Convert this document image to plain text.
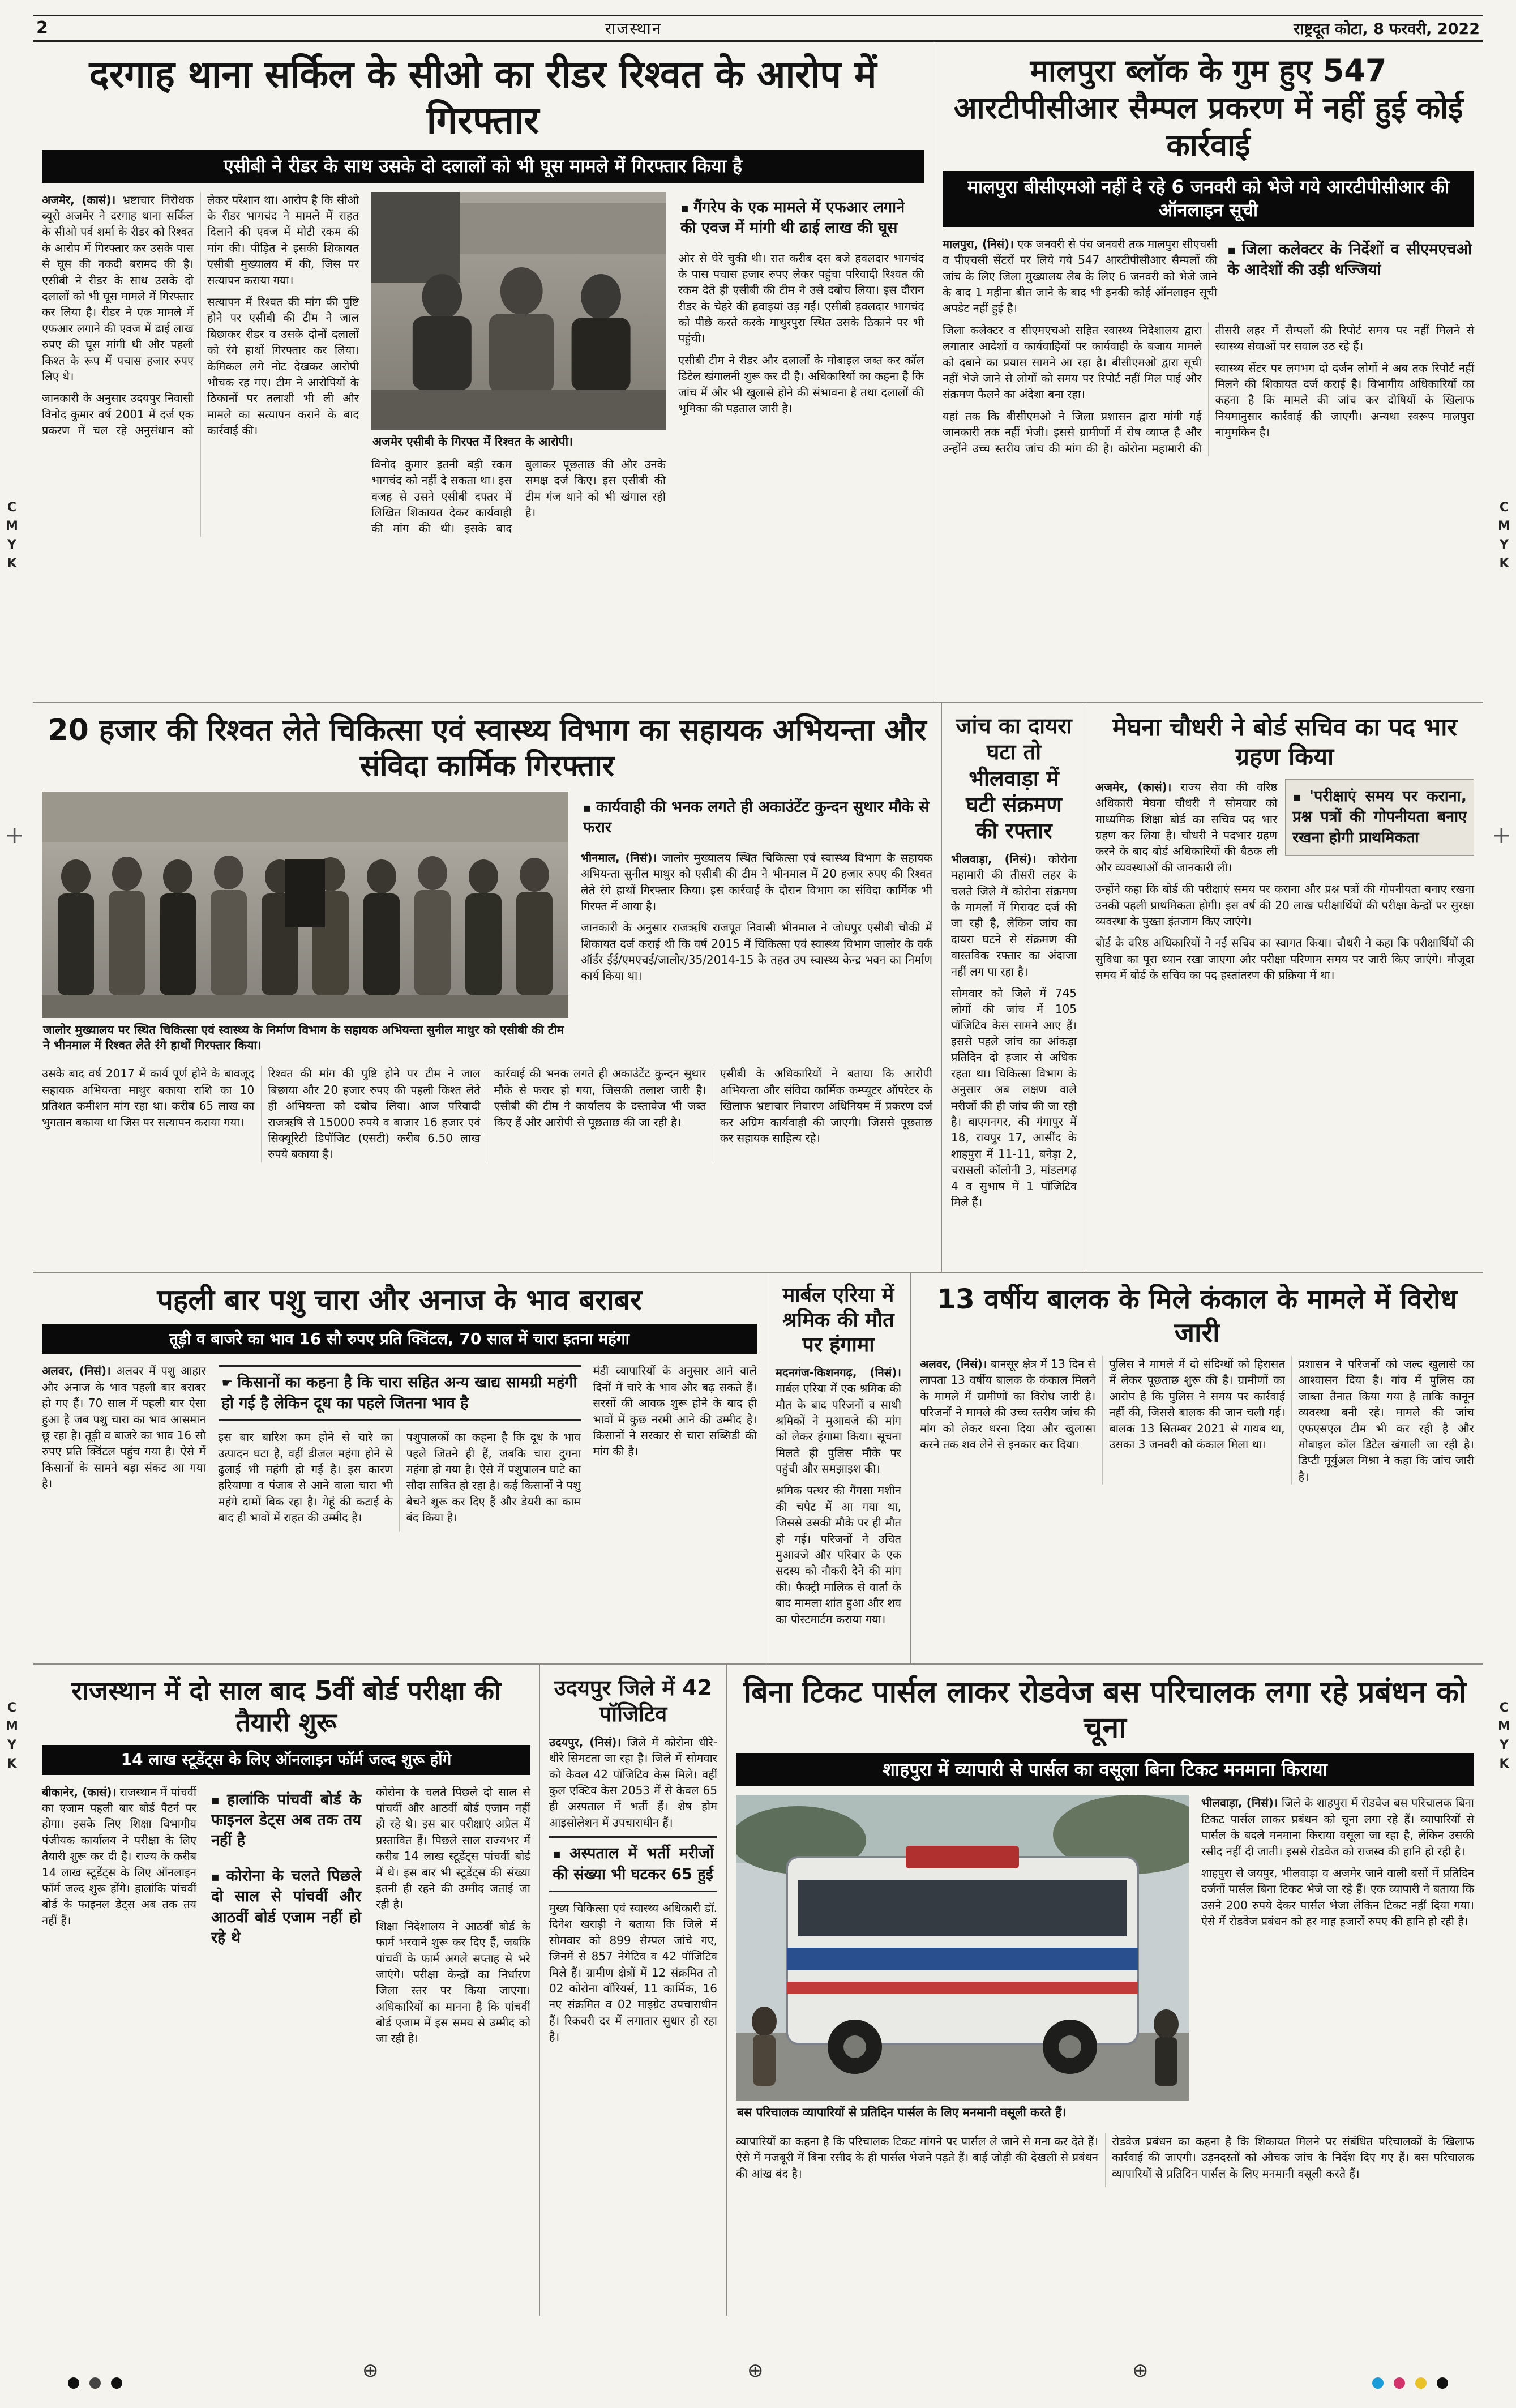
2	राजस्थान	राष्ट्रदूत कोटा, 8 फरवरी, 2022
दरगाह थाना सर्किल के सीओ का रीडर रिश्वत के आरोप में गिरफ्तार
एसीबी ने रीडर के साथ उसके दो दलालों को भी घूस मामले में गिरफ्तार किया है

अजमेर, (कासं)। भ्रष्टाचार निरोधक ब्यूरो अजमेर ने दरगाह थाना सर्किल के सीओ पर्व शर्मा के रीडर को रिश्वत के आरोप में गिरफ्तार कर उसके पास से घूस की नकदी बरामद की है। एसीबी ने रीडर के साथ उसके दो दलालों को भी घूस मामले में गिरफ्तार कर लिया है। रीडर ने एक मामले में एफआर लगाने की एवज में ढाई लाख रुपए की घूस मांगी थी और पहली किश्त के रूप में पचास हजार रुपए लिए थे।

जानकारी के अनुसार उदयपुर निवासी विनोद कुमार वर्ष 2001 में दर्ज एक प्रकरण में चल रहे अनुसंधान को लेकर परेशान था। आरोप है कि सीओ के रीडर भागचंद ने मामले में राहत दिलाने की एवज में मोटी रकम की मांग की। पीड़ित ने इसकी शिकायत एसीबी मुख्यालय में की, जिस पर सत्यापन कराया गया।

सत्यापन में रिश्वत की मांग की पुष्टि होने पर एसीबी की टीम ने जाल बिछाकर रीडर व उसके दोनों दलालों को रंगे हाथों गिरफ्तार कर लिया। केमिकल लगे नोट देखकर आरोपी भौचक रह गए। टीम ने आरोपियों के ठिकानों पर तलाशी भी ली और मामले का सत्यापन कराने के बाद कार्रवाई की।

अजमेर एसीबी के गिरफ्त में रिश्वत के आरोपी।

विनोद कुमार इतनी बड़ी रकम भागचंद को नहीं दे सकता था। इस वजह से उसने एसीबी दफ्तर में लिखित शिकायत देकर कार्यवाही की मांग की थी। इसके बाद बुलाकर पूछताछ की और उनके समक्ष दर्ज किए। इस एसीबी की टीम गंज थाने को भी खंगाल रही है।

▪ गैंगरेप के एक मामले में एफआर लगाने की एवज में मांगी थी ढाई लाख की घूस

ओर से घेरे चुकी थी। रात करीब दस बजे हवलदार भागचंद के पास पचास हजार रुपए लेकर पहुंचा परिवादी रिश्वत की रकम देते ही एसीबी की टीम ने उसे दबोच लिया। इस दौरान रीडर के चेहरे की हवाइयां उड़ गईं। एसीबी हवलदार भागचंद को पीछे करते करके माथुरपुरा स्थित उसके ठिकाने पर भी पहुंची।

एसीबी टीम ने रीडर और दलालों के मोबाइल जब्त कर कॉल डिटेल खंगालनी शुरू कर दी है। अधिकारियों का कहना है कि जांच में और भी खुलासे होने की संभावना है तथा दलालों की भूमिका की पड़ताल जारी है।

मालपुरा ब्लॉक के गुम हुए 547 आरटीपीसीआर सैम्पल प्रकरण में नहीं हुई कोई कार्रवाई
मालपुरा बीसीएमओ नहीं दे रहे 6 जनवरी को भेजे गये आरटीपीसीआर की ऑनलाइन सूची
▪ जिला कलेक्टर के निर्देशों व सीएमएचओ के आदेशों की उड़ी धज्जियां

मालपुरा, (निसं)। एक जनवरी से पंच जनवरी तक मालपुरा सीएचसी व पीएचसी सेंटरों पर लिये गये 547 आरटीपीसीआर सैम्पलों की जांच के लिए जिला मुख्यालय लैब के लिए 6 जनवरी को भेजे जाने के बाद 1 महीना बीत जाने के बाद भी इनकी कोई ऑनलाइन सूची अपडेट नहीं हुई है।

जिला कलेक्टर व सीएमएचओ सहित स्वास्थ्य निदेशालय द्वारा लगातार आदेशों व कार्यवाहियों पर कार्यवाही के बजाय मामले को दबाने का प्रयास सामने आ रहा है। बीसीएमओ द्वारा सूची नहीं भेजे जाने से लोगों को समय पर रिपोर्ट नहीं मिल पाई और संक्रमण फैलने का अंदेशा बना रहा।

यहां तक कि बीसीएमओ ने जिला प्रशासन द्वारा मांगी गई जानकारी तक नहीं भेजी। इससे ग्रामीणों में रोष व्याप्त है और उन्होंने उच्च स्तरीय जांच की मांग की है। कोरोना महामारी की तीसरी लहर में सैम्पलों की रिपोर्ट समय पर नहीं मिलने से स्वास्थ्य सेवाओं पर सवाल उठ रहे हैं।

स्वास्थ्य सेंटर पर लगभग दो दर्जन लोगों ने अब तक रिपोर्ट नहीं मिलने की शिकायत दर्ज कराई है। विभागीय अधिकारियों का कहना है कि मामले की जांच कर दोषियों के खिलाफ नियमानुसार कार्रवाई की जाएगी। अन्यथा स्वरूप मालपुरा नामुमकिन है।

20 हजार की रिश्वत लेते चिकित्सा एवं स्वास्थ्य विभाग का सहायक अभियन्ता और संविदा कार्मिक गिरफ्तार
जालोर मुख्यालय पर स्थित चिकित्सा एवं स्वास्थ्य के निर्माण विभाग के सहायक अभियन्ता सुनील माथुर को एसीबी की टीम ने भीनमाल में रिश्वत लेते रंगे हाथों गिरफ्तार किया।
▪ कार्यवाही की भनक लगते ही अकाउंटेंट कुन्दन सुथार मौके से फरार

भीनमाल, (निसं)। जालोर मुख्यालय स्थित चिकित्सा एवं स्वास्थ्य विभाग के सहायक अभियन्ता सुनील माथुर को एसीबी की टीम ने भीनमाल में 20 हजार रुपए की रिश्वत लेते रंगे हाथों गिरफ्तार किया। इस कार्रवाई के दौरान विभाग का संविदा कार्मिक भी गिरफ्त में आया है।

जानकारी के अनुसार राजऋषि राजपूत निवासी भीनमाल ने जोधपुर एसीबी चौकी में शिकायत दर्ज कराई थी कि वर्ष 2015 में चिकित्सा एवं स्वास्थ्य विभाग जालोर के वर्क ऑर्डर ईई/एमएचई/जालोर/35/2014-15 के तहत उप स्वास्थ्य केन्द्र भवन का निर्माण कार्य किया था।

उसके बाद वर्ष 2017 में कार्य पूर्ण होने के बावजूद सहायक अभियन्ता माथुर बकाया राशि का 10 प्रतिशत कमीशन मांग रहा था। करीब 65 लाख का भुगतान बकाया था जिस पर सत्यापन कराया गया।

रिश्वत की मांग की पुष्टि होने पर टीम ने जाल बिछाया और 20 हजार रुपए की पहली किश्त लेते ही अभियन्ता को दबोच लिया। आज परिवादी राजऋषि से 15000 रुपये व बाजार 16 हजार एवं सिक्यूरिटी डिपॉजिट (एसटी) करीब 6.50 लाख रुपये बकाया है।

कार्रवाई की भनक लगते ही अकाउंटेंट कुन्दन सुथार मौके से फरार हो गया, जिसकी तलाश जारी है। एसीबी की टीम ने कार्यालय के दस्तावेज भी जब्त किए हैं और आरोपी से पूछताछ की जा रही है।

एसीबी के अधिकारियों ने बताया कि आरोपी अभियन्ता और संविदा कार्मिक कम्प्यूटर ऑपरेटर के खिलाफ भ्रष्टाचार निवारण अधिनियम में प्रकरण दर्ज कर अग्रिम कार्यवाही की जाएगी। जिससे पूछताछ कर सहायक साहित्य रहे।

जांच का दायरा घटा तो भीलवाड़ा में घटी संक्रमण की रफ्तार

भीलवाड़ा, (निसं)। कोरोना महामारी की तीसरी लहर के चलते जिले में कोरोना संक्रमण के मामलों में गिरावट दर्ज की जा रही है, लेकिन जांच का दायरा घटने से संक्रमण की वास्तविक रफ्तार का अंदाजा नहीं लग पा रहा है।

सोमवार को जिले में 745 लोगों की जांच में 105 पॉजिटिव केस सामने आए हैं। इससे पहले जांच का आंकड़ा प्रतिदिन दो हजार से अधिक रहता था। चिकित्सा विभाग के अनुसार अब लक्षण वाले मरीजों की ही जांच की जा रही है। बाएगनगर, की गंगापुर में 18, रायपुर 17, आसींद के शाहपुरा में 11-11, बनेड़ा 2, चरासली कॉलोनी 3, मांडलगढ़ 4 व सुभाष में 1 पॉजिटिव मिले हैं।

मेघना चौधरी ने बोर्ड सचिव का पद भार ग्रहण किया
▪ 'परीक्षाएं समय पर कराना, प्रश्न पत्रों की गोपनीयता बनाए रखना होगी प्राथमिकता

अजमेर, (कासं)। राज्य सेवा की वरिष्ठ अधिकारी मेघना चौधरी ने सोमवार को माध्यमिक शिक्षा बोर्ड का सचिव पद भार ग्रहण कर लिया है। चौधरी ने पदभार ग्रहण करने के बाद बोर्ड अधिकारियों की बैठक ली और व्यवस्थाओं की जानकारी ली।

उन्होंने कहा कि बोर्ड की परीक्षाएं समय पर कराना और प्रश्न पत्रों की गोपनीयता बनाए रखना उनकी पहली प्राथमिकता होगी। इस वर्ष की 20 लाख परीक्षार्थियों की परीक्षा केन्द्रों पर सुरक्षा व्यवस्था के पुख्ता इंतजाम किए जाएंगे।

बोर्ड के वरिष्ठ अधिकारियों ने नई सचिव का स्वागत किया। चौधरी ने कहा कि परीक्षार्थियों की सुविधा का पूरा ध्यान रखा जाएगा और परीक्षा परिणाम समय पर जारी किए जाएंगे। मौजूदा समय में बोर्ड के सचिव का पद हस्तांतरण की प्रक्रिया में था।

पहली बार पशु चारा और अनाज के भाव बराबर
तूड़ी व बाजरे का भाव 16 सौ रुपए प्रति क्विंटल, 70 साल में चारा इतना महंगा

अलवर, (निसं)। अलवर में पशु आहार और अनाज के भाव पहली बार बराबर हो गए हैं। 70 साल में पहली बार ऐसा हुआ है जब पशु चारा का भाव आसमान छू रहा है। तूड़ी व बाजरे का भाव 16 सौ रुपए प्रति क्विंटल पहुंच गया है। ऐसे में किसानों के सामने बड़ा संकट आ गया है।

☛ किसानों का कहना है कि चारा सहित अन्य खाद्य सामग्री महंगी हो गई है लेकिन दूध का पहले जितना भाव है

इस बार बारिश कम होने से चारे का उत्पादन घटा है, वहीं डीजल महंगा होने से ढुलाई भी महंगी हो गई है। इस कारण हरियाणा व पंजाब से आने वाला चारा भी महंगे दामों बिक रहा है। गेहूं की कटाई के बाद ही भावों में राहत की उम्मीद है।

पशुपालकों का कहना है कि दूध के भाव पहले जितने ही हैं, जबकि चारा दुगना महंगा हो गया है। ऐसे में पशुपालन घाटे का सौदा साबित हो रहा है। कई किसानों ने पशु बेचने शुरू कर दिए हैं और डेयरी का काम बंद किया है।

मंडी व्यापारियों के अनुसार आने वाले दिनों में चारे के भाव और बढ़ सकते हैं। सरसों की आवक शुरू होने के बाद ही भावों में कुछ नरमी आने की उम्मीद है। किसानों ने सरकार से चारा सब्सिडी की मांग की है।

मार्बल एरिया में श्रमिक की मौत पर हंगामा

मदनगंज-किशनगढ़, (निसं)। मार्बल एरिया में एक श्रमिक की मौत के बाद परिजनों व साथी श्रमिकों ने मुआवजे की मांग को लेकर हंगामा किया। सूचना मिलते ही पुलिस मौके पर पहुंची और समझाइश की।

श्रमिक पत्थर की गैंगसा मशीन की चपेट में आ गया था, जिससे उसकी मौके पर ही मौत हो गई। परिजनों ने उचित मुआवजे और परिवार के एक सदस्य को नौकरी देने की मांग की। फैक्ट्री मालिक से वार्ता के बाद मामला शांत हुआ और शव का पोस्टमार्टम कराया गया।

13 वर्षीय बालक के मिले कंकाल के मामले में विरोध जारी

अलवर, (निसं)। बानसूर क्षेत्र में 13 दिन से लापता 13 वर्षीय बालक के कंकाल मिलने के मामले में ग्रामीणों का विरोध जारी है। परिजनों ने मामले की उच्च स्तरीय जांच की मांग को लेकर धरना दिया और खुलासा करने तक शव लेने से इनकार कर दिया।

पुलिस ने मामले में दो संदिग्धों को हिरासत में लेकर पूछताछ शुरू की है। ग्रामीणों का आरोप है कि पुलिस ने समय पर कार्रवाई नहीं की, जिससे बालक की जान चली गई। बालक 13 सितम्बर 2021 से गायब था, उसका 3 जनवरी को कंकाल मिला था।

प्रशासन ने परिजनों को जल्द खुलासे का आश्वासन दिया है। गांव में पुलिस का जाब्ता तैनात किया गया है ताकि कानून व्यवस्था बनी रहे। मामले की जांच एफएसएल टीम भी कर रही है और मोबाइल कॉल डिटेल खंगाली जा रही है। डिप्टी मूर्युअल मिश्रा ने कहा कि जांच जारी है।

राजस्थान में दो साल बाद 5वीं बोर्ड परीक्षा की तैयारी शुरू
14 लाख स्टूडेंट्स के लिए ऑनलाइन फॉर्म जल्द शुरू होंगे

बीकानेर, (कासं)। राजस्थान में पांचवीं का एजाम पहली बार बोर्ड पैटर्न पर होगा। इसके लिए शिक्षा विभागीय पंजीयक कार्यालय ने परीक्षा के लिए तैयारी शुरू कर दी है। राज्य के करीब 14 लाख स्टूडेंट्स के लिए ऑनलाइन फॉर्म जल्द शुरू होंगे। हालांकि पांचवीं बोर्ड के फाइनल डेट्स अब तक तय नहीं हैं।

▪ हालांकि पांचवीं बोर्ड के फाइनल डेट्स अब तक तय नहीं है
▪ कोरोना के चलते पिछले दो साल से पांचवीं और आठवीं बोर्ड एजाम नहीं हो रहे थे

कोरोना के चलते पिछले दो साल से पांचवीं और आठवीं बोर्ड एजाम नहीं हो रहे थे। इस बार परीक्षाएं अप्रेल में प्रस्तावित हैं। पिछले साल राज्यभर में करीब 14 लाख स्टूडेंट्स पांचवीं बोर्ड में थे। इस बार भी स्टूडेंट्स की संख्या इतनी ही रहने की उम्मीद जताई जा रही है।

शिक्षा निदेशालय ने आठवीं बोर्ड के फार्म भरवाने शुरू कर दिए हैं, जबकि पांचवीं के फार्म अगले सप्ताह से भरे जाएंगे। परीक्षा केन्द्रों का निर्धारण जिला स्तर पर किया जाएगा। अधिकारियों का मानना है कि पांचवीं बोर्ड एजाम में इस समय से उम्मीद को जा रही है।

उदयपुर जिले में 42 पॉजिटिव

उदयपुर, (निसं)। जिले में कोरोना धीरे-धीरे सिमटता जा रहा है। जिले में सोमवार को केवल 42 पॉजिटिव केस मिले। वहीं कुल एक्टिव केस 2053 में से केवल 65 ही अस्पताल में भर्ती हैं। शेष होम आइसोलेशन में उपचाराधीन हैं।

▪ अस्पताल में भर्ती मरीजों की संख्या भी घटकर 65 हुई

मुख्य चिकित्सा एवं स्वास्थ्य अधिकारी डॉ. दिनेश खराड़ी ने बताया कि जिले में सोमवार को 899 सैम्पल जांचे गए, जिनमें से 857 नेगेटिव व 42 पॉजिटिव मिले हैं। ग्रामीण क्षेत्रों में 12 संक्रमित तो 02 कोरोना वॉरियर्स, 11 कार्मिक, 16 नए संक्रमित व 02 माइग्रेट उपचाराधीन हैं। रिकवरी दर में लगातार सुधार हो रहा है।

बिना टिकट पार्सल लाकर रोडवेज बस परिचालक लगा रहे प्रबंधन को चूना
शाहपुरा में व्यापारी से पार्सल का वसूला बिना टिकट मनमाना किराया
बस परिचालक व्यापारियों से प्रतिदिन पार्सल के लिए मनमानी वसूली करते हैं।

भीलवाड़ा, (निसं)। जिले के शाहपुरा में रोडवेज बस परिचालक बिना टिकट पार्सल लाकर प्रबंधन को चूना लगा रहे हैं। व्यापारियों से पार्सल के बदले मनमाना किराया वसूला जा रहा है, लेकिन उसकी रसीद नहीं दी जाती। इससे रोडवेज को राजस्व की हानि हो रही है।

शाहपुरा से जयपुर, भीलवाड़ा व अजमेर जाने वाली बसों में प्रतिदिन दर्जनों पार्सल बिना टिकट भेजे जा रहे हैं। एक व्यापारी ने बताया कि उसने 200 रुपये देकर पार्सल भेजा लेकिन टिकट नहीं दिया गया। ऐसे में रोडवेज प्रबंधन को हर माह हजारों रुपए की हानि हो रही है।

व्यापारियों का कहना है कि परिचालक टिकट मांगने पर पार्सल ले जाने से मना कर देते हैं। ऐसे में मजबूरी में बिना रसीद के ही पार्सल भेजने पड़ते हैं। बाई जोड़ी की देखली से प्रबंधन की आंख बंद है।

रोडवेज प्रबंधन का कहना है कि शिकायत मिलने पर संबंधित परिचालकों के खिलाफ कार्रवाई की जाएगी। उड़नदस्तों को औचक जांच के निर्देश दिए गए हैं। बस परिचालक व्यापारियों से प्रतिदिन पार्सल के लिए मनमानी वसूली करते हैं।

C
M
Y
K
C
M
Y
K
C
M
Y
K
C
M
Y
K
+	+
⊕	⊕	⊕
